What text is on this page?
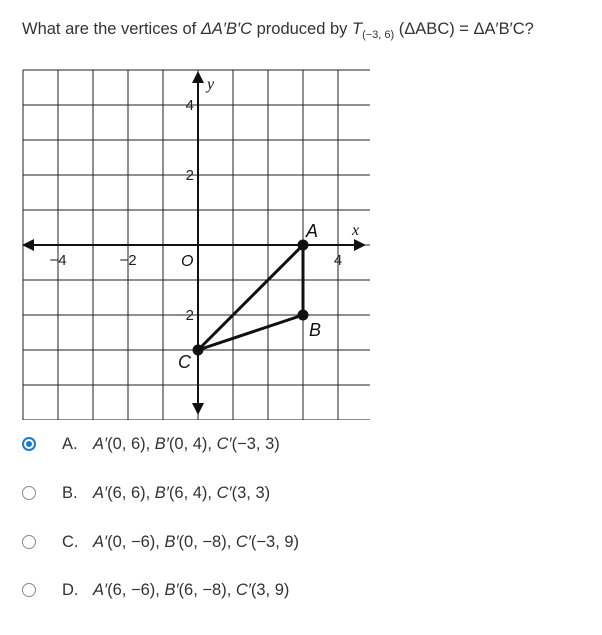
What are the vertices of ΔA′B′C produced by $T_{(-3, 6)}$ (ΔABC) = ΔA′B′C?
−4	−2	4
4
2
−2
A
B
C
x
y
O
A. A′(0, 6), B′(0, 4), C′(−3, 3)
B. A′(6, 6), B′(6, 4), C′(3, 3)
C. A′(0, −6), B′(0, −8), C′(−3, 9)
D. A′(6, −6), B′(6, −8), C′(3, 9)
